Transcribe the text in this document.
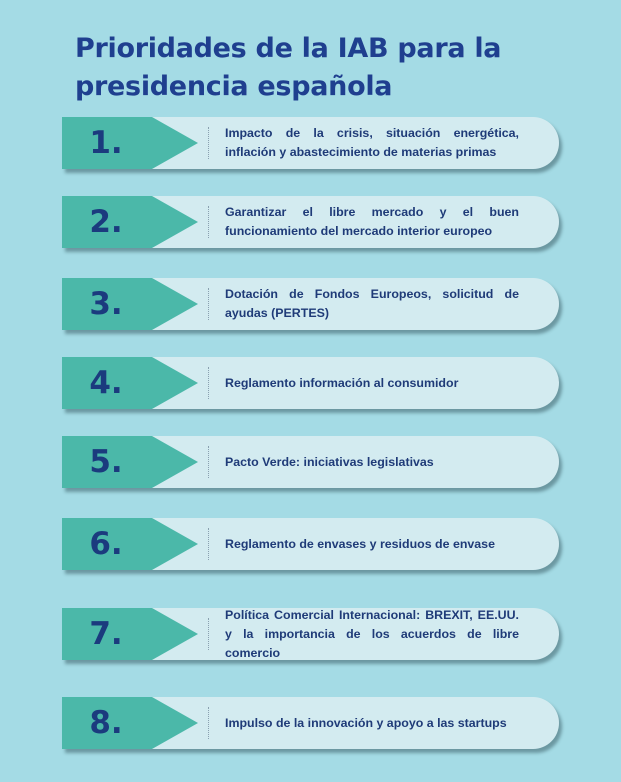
Prioridades de la IAB para la presidencia española
1.	Impacto de la crisis, situación energética, inflación y abastecimiento de materias primas
2.	Garantizar el libre mercado y el buen funcionamiento del mercado interior europeo
3.	Dotación de Fondos Europeos, solicitud de ayudas (PERTES)
4.	Reglamento información al consumidor
5.	Pacto Verde: iniciativas legislativas
6.	Reglamento de envases y residuos de envase
7.
Política Comercial Internacional: BREXIT, EE.UU. y la importancia de los acuerdos de libre comercio
8.	Impulso de la innovación y apoyo a las startups
